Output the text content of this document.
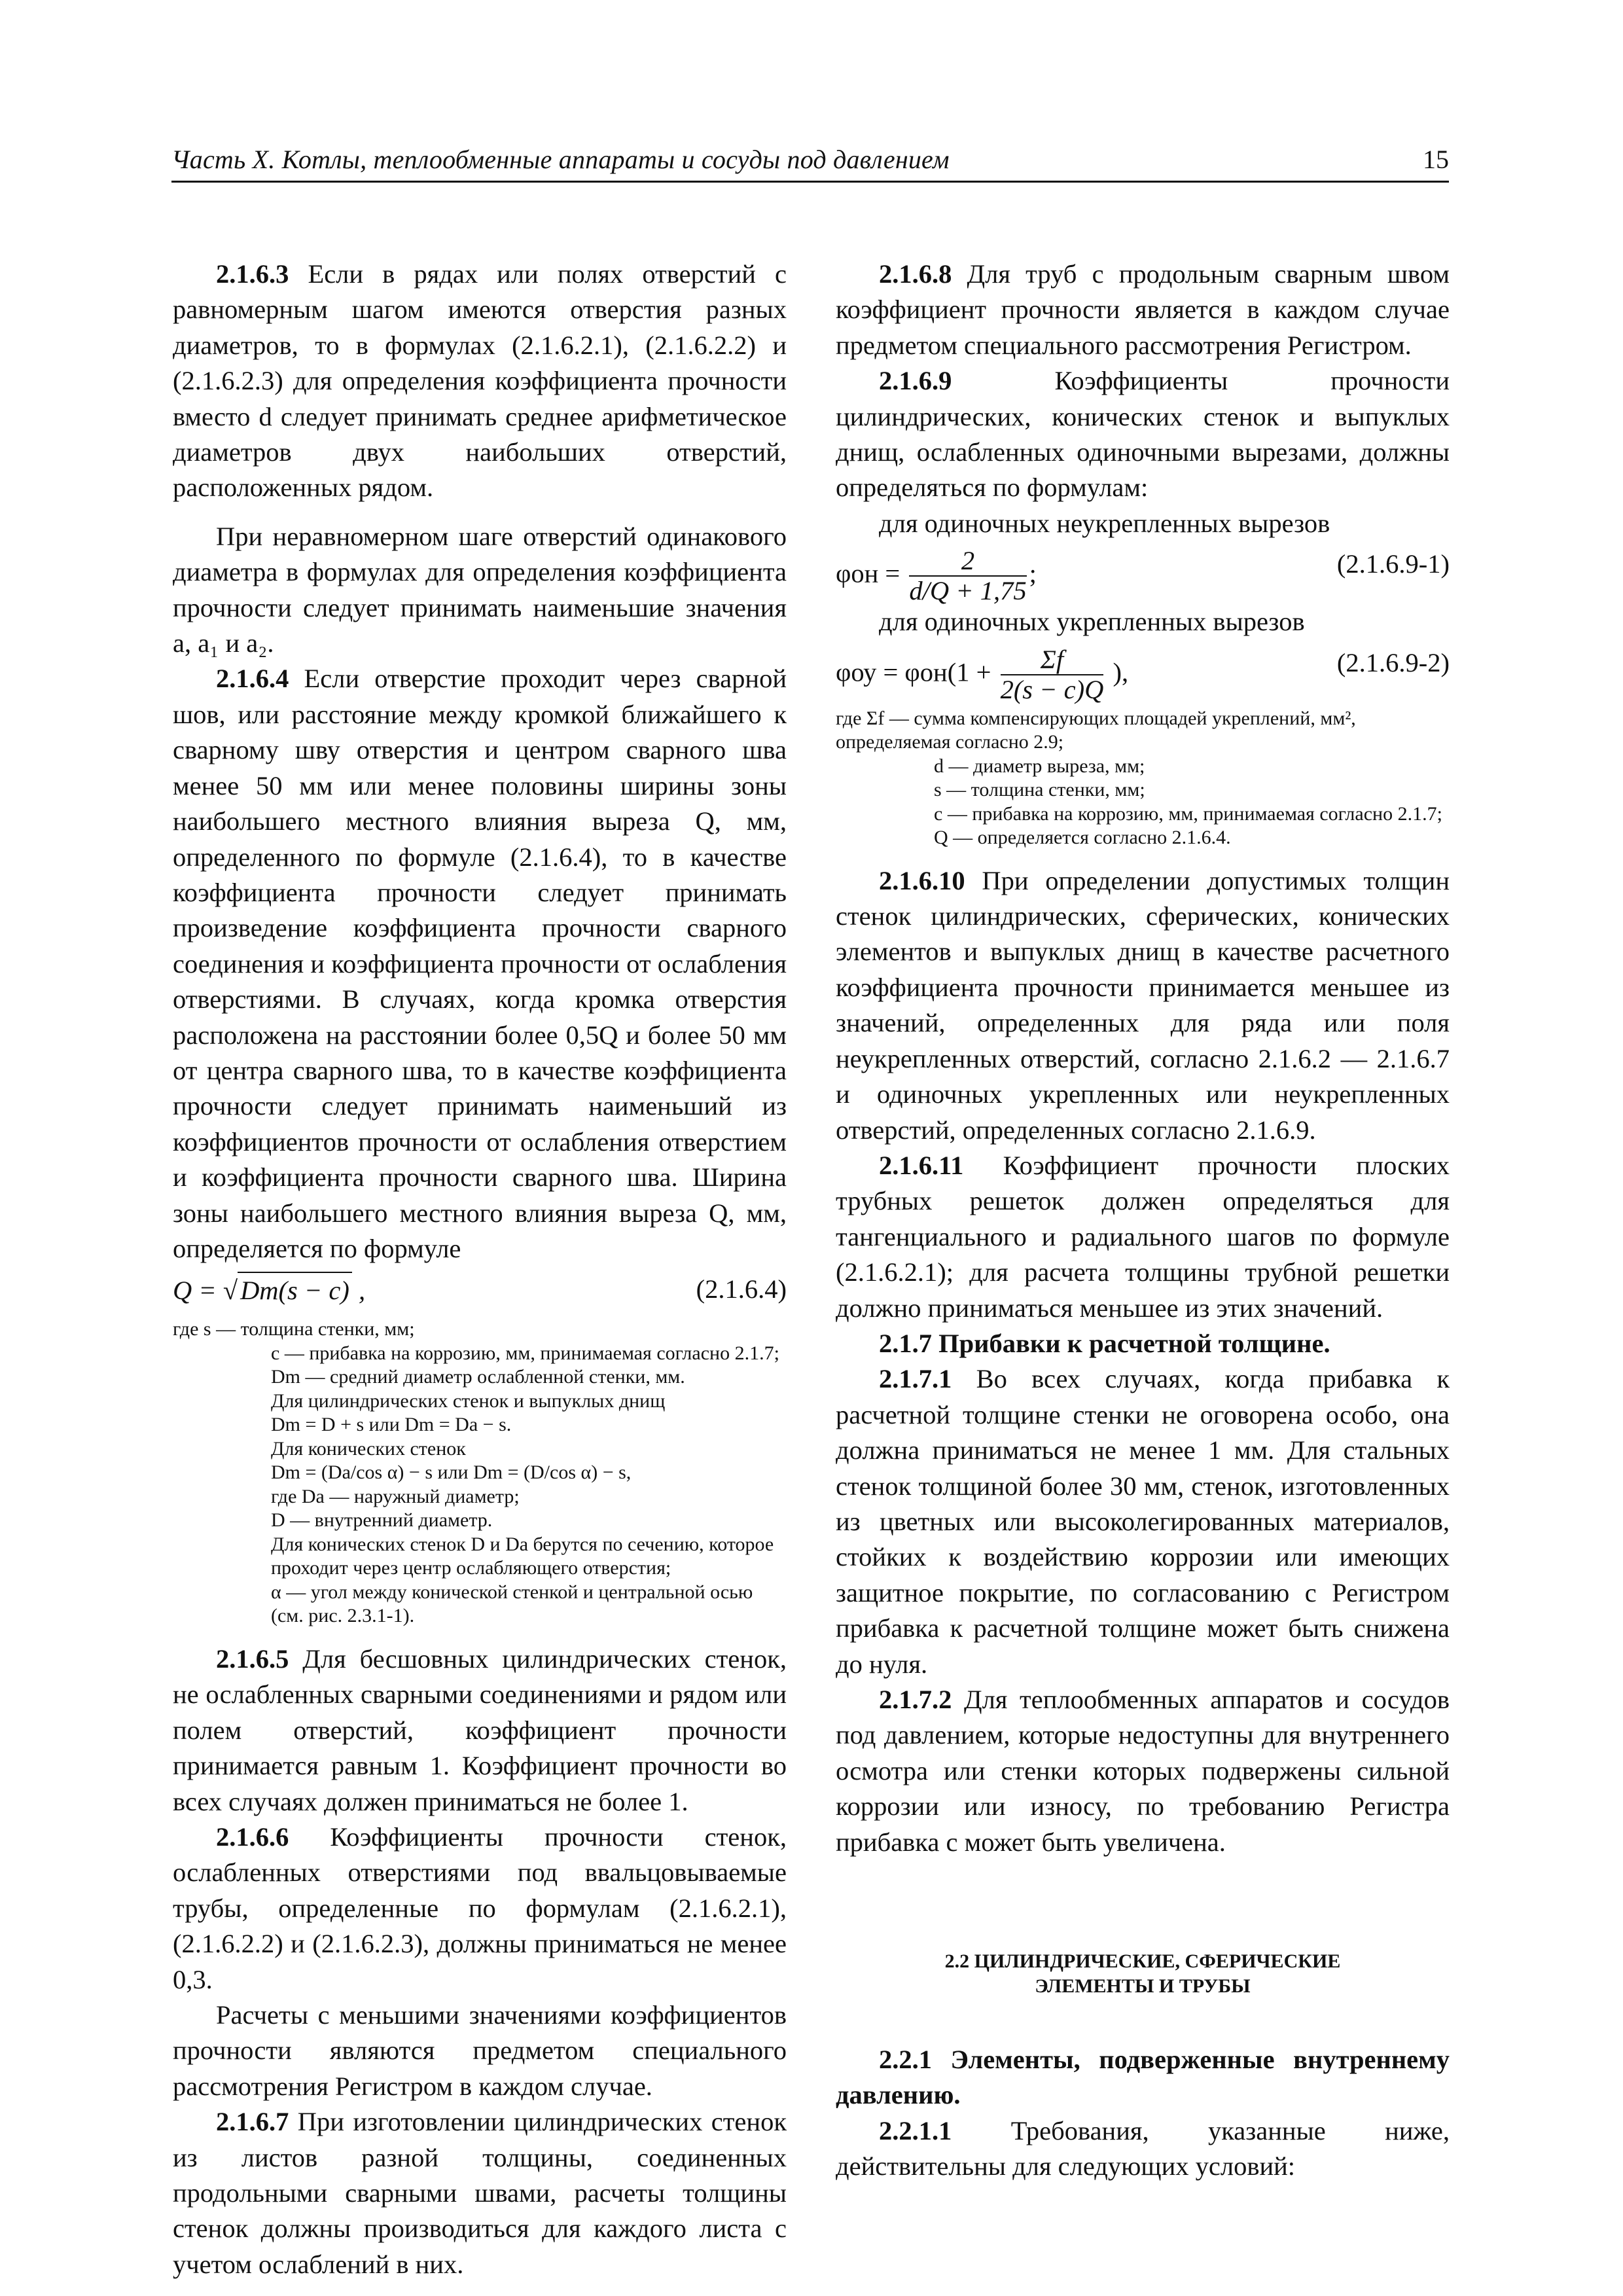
Часть X. Котлы, теплообменные аппараты и сосуды под давлением	15

2.1.6.3 Если в рядах или полях отверстий с равномерным шагом имеются отверстия разных диаметров, то в формулах (2.1.6.2.1), (2.1.6.2.2) и (2.1.6.2.3) для определения коэффициента прочности вместо d следует принимать среднее арифметическое диаметров двух наибольших отверстий, расположенных рядом.

При неравномерном шаге отверстий одинакового диаметра в формулах для определения коэффициента прочности следует принимать наименьшие значения a, a₁ и a₂.

2.1.6.4 Если отверстие проходит через сварной шов, или расстояние между кромкой ближайшего к сварному шву отверстия и центром сварного шва менее 50 мм или менее половины ширины зоны наибольшего местного влияния выреза Q, мм, определенного по формуле (2.1.6.4), то в качестве коэффициента прочности следует принимать произведение коэффициента прочности сварного соединения и коэффициента прочности от ослабления отверстиями. В случаях, когда кромка отверстия расположена на расстоянии более 0,5Q и более 50 мм от центра сварного шва, то в качестве коэффициента прочности следует принимать наименьший из коэффициентов прочности от ослабления отверстием и коэффициента прочности сварного шва. Ширина зоны наибольшего местного влияния выреза Q, мм, определяется по формуле

Q = √Dm(s − c) ,	(2.1.6.4)
где s — толщина стенки, мм;
c — прибавка на коррозию, мм, принимаемая согласно 2.1.7;
Dm — средний диаметр ослабленной стенки, мм.
Для цилиндрических стенок и выпуклых днищ
Dm = D + s или Dm = Da − s.
Для конических стенок
Dm = (Da/cos α) − s или Dm = (D/cos α) − s,
где Da — наружный диаметр;
D — внутренний диаметр.
Для конических стенок D и Da берутся по сечению, которое проходит через центр ослабляющего отверстия;
α — угол между конической стенкой и центральной осью (см. рис. 2.3.1-1).

2.1.6.5 Для бесшовных цилиндрических стенок, не ослабленных сварными соединениями и рядом или полем отверстий, коэффициент прочности принимается равным 1. Коэффициент прочности во всех случаях должен приниматься не более 1.

2.1.6.6 Коэффициенты прочности стенок, ослабленных отверстиями под ввальцовываемые трубы, определенные по формулам (2.1.6.2.1), (2.1.6.2.2) и (2.1.6.2.3), должны приниматься не менее 0,3.

Расчеты с меньшими значениями коэффициентов прочности являются предметом специального рассмотрения Регистром в каждом случае.

2.1.6.7 При изготовлении цилиндрических стенок из листов разной толщины, соединенных продольными сварными швами, расчеты толщины стенок должны производиться для каждого листа с учетом ослаблений в них.

2.1.6.8 Для труб с продольным сварным швом коэффициент прочности является в каждом случае предметом специального рассмотрения Регистром.

2.1.6.9	Коэффициенты прочности цилиндрических, конических стенок и выпуклых днищ, ослабленных одиночными вырезами, должны определяться по формулам:

для одиночных неукрепленных вырезов

$\varphi он = \frac{2}{d/Q + 1,75}$ ;	(2.1.6.9-1)

для одиночных укрепленных вырезов

$\varphi оу = \varphi он(1 + \frac{\Sigma f}{2(s - c)Q}$ ),	(2.1.6.9-2)
где Σf — сумма компенсирующих площадей укреплений, мм², определяемая согласно 2.9;
d — диаметр выреза, мм;
s — толщина стенки, мм;
c — прибавка на коррозию, мм, принимаемая согласно 2.1.7;
Q — определяется согласно 2.1.6.4.

2.1.6.10 При определении допустимых толщин стенок цилиндрических, сферических, конических элементов и выпуклых днищ в качестве расчетного коэффициента прочности принимается меньшее из значений, определенных для ряда или поля неукрепленных отверстий, согласно 2.1.6.2 — 2.1.6.7 и одиночных укрепленных или неукрепленных отверстий, определенных согласно 2.1.6.9.

2.1.6.11 Коэффициент прочности плоских трубных решеток должен определяться для тангенциального и радиального шагов по формуле (2.1.6.2.1); для расчета толщины трубной решетки должно приниматься меньшее из этих значений.

2.1.7 Прибавки к расчетной толщине.

2.1.7.1 Во всех случаях, когда прибавка к расчетной толщине стенки не оговорена особо, она должна приниматься не менее 1 мм. Для стальных стенок толщиной более 30 мм, стенок, изготовленных из цветных или высоколегированных материалов, стойких к воздействию коррозии или имеющих защитное покрытие, по согласованию с Регистром прибавка к расчетной толщине может быть снижена до нуля.

2.1.7.2 Для теплообменных аппаратов и сосудов под давлением, которые недоступны для внутреннего осмотра или стенки которых подвержены сильной коррозии или износу, по требованию Регистра прибавка c может быть увеличена.

2.2 ЦИЛИНДРИЧЕСКИЕ, СФЕРИЧЕСКИЕ
ЭЛЕМЕНТЫ И ТРУБЫ

2.2.1 Элементы, подверженные внутреннему давлению.

2.2.1.1 Требования, указанные ниже, действительны для следующих условий:
